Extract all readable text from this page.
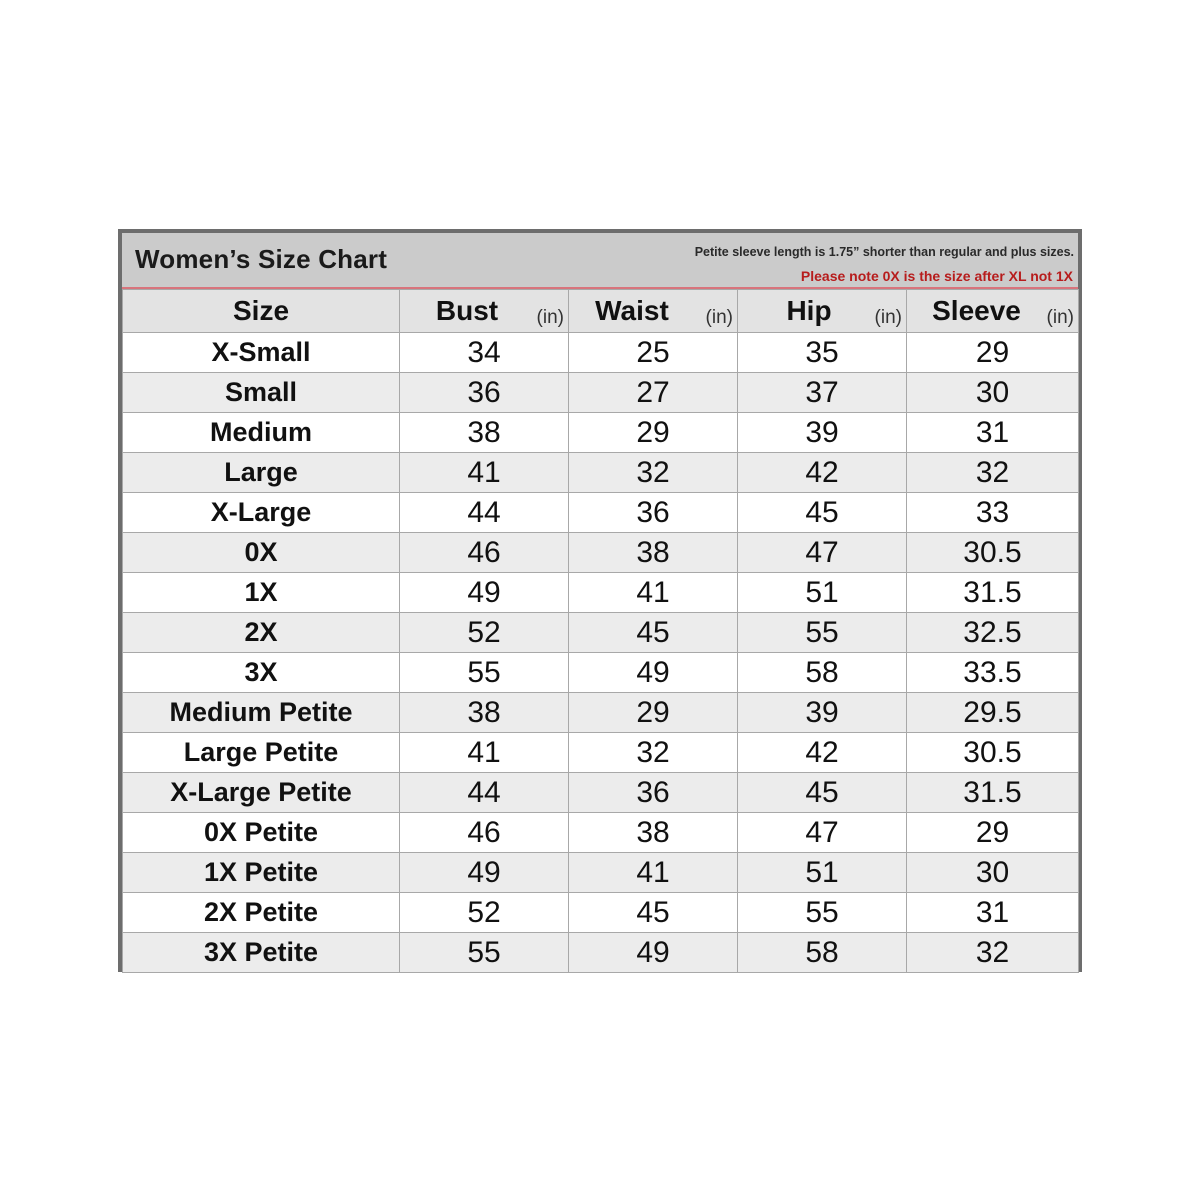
Women’s Size Chart	Petite sleeve length is 1.75” shorter than regular and plus sizes.
Please note 0X is the size after XL not 1X
Size	Bust (in)	Waist (in)	Hip (in)	Sleeve (in)

X-Small	34	25	35	29
Small	36	27	37	30
Medium	38	29	39	31
Large	41	32	42	32
X-Large	44	36	45	33
0X	46	38	47	30.5
1X	49	41	51	31.5
2X	52	45	55	32.5
3X	55	49	58	33.5
Medium Petite	38	29	39	29.5
Large Petite	41	32	42	30.5
X-Large Petite	44	36	45	31.5
0X Petite	46	38	47	29
1X Petite	49	41	51	30
2X Petite	52	45	55	31
3X Petite	55	49	58	32
